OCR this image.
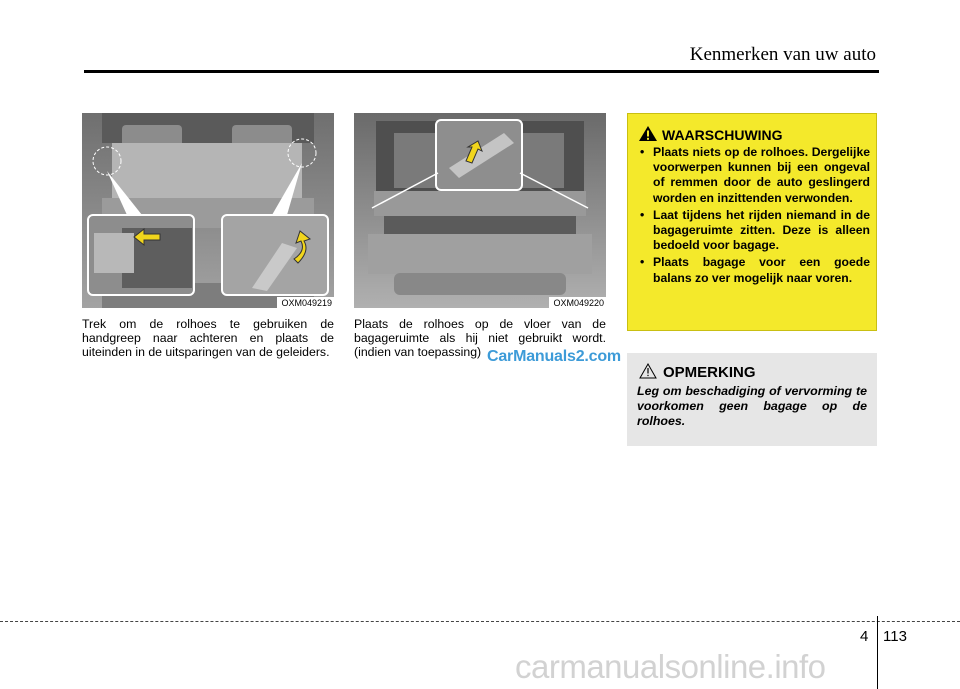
Kenmerken van uw auto
OXM049219
Trek om de rolhoes te gebruiken de handgreep naar achteren en plaats de uiteinden in de uitsparingen van de geleiders.
OXM049220
Plaats de rolhoes op de vloer van de bagageruimte als hij niet gebruikt wordt. (indien van toepassing) CarManuals2.com
WAARSCHUWING
• Plaats niets op de rolhoes. Dergelijke voorwerpen kunnen bij een ongeval of remmen door de auto geslingerd worden en inzittenden verwonden.
• Laat tijdens het rijden niemand in de bagageruimte zitten. Deze is alleen bedoeld voor bagage.
• Plaats bagage voor een goede balans zo ver mogelijk naar voren.
OPMERKING
Leg om beschadiging of vervorming te voorkomen geen bagage op de rolhoes.
4 113
carmanualsonline.info
